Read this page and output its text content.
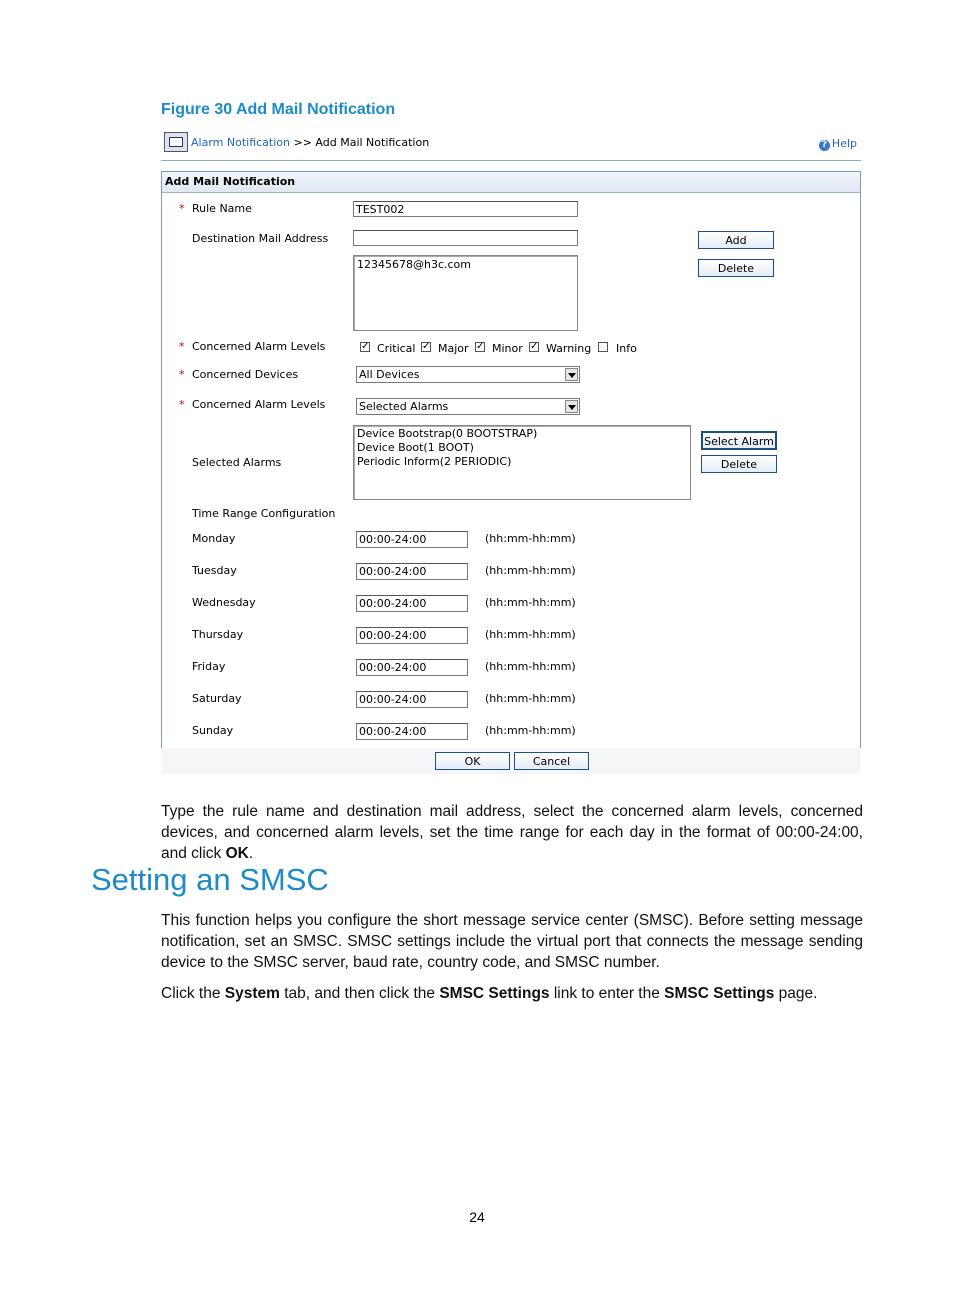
Figure 30 Add Mail Notification
Alarm Notification >> Add Mail Notification	? Help
Add Mail Notification
* Rule Name	TEST002
Destination Mail Address	Add
Delete
12345678@h3c.com
* Concerned Alarm Levels	✓ Critical ✓ Major ✓ Minor ✓ Warning Info
* Concerned Devices	All Devices
* Concerned Alarm Levels	Selected Alarms
Selected Alarms
Device Bootstrap(0 BOOTSTRAP)
Device Boot(1 BOOT)
Periodic Inform(2 PERIODIC)
Select Alarm
Delete
Time Range Configuration
Monday	00:00-24:00	(hh:mm-hh:mm)
Tuesday	00:00-24:00	(hh:mm-hh:mm)
Wednesday	00:00-24:00	(hh:mm-hh:mm)
Thursday	00:00-24:00	(hh:mm-hh:mm)
Friday	00:00-24:00	(hh:mm-hh:mm)
Saturday	00:00-24:00	(hh:mm-hh:mm)
Sunday	00:00-24:00	(hh:mm-hh:mm)
OK	Cancel
Type the rule name and destination mail address, select the concerned alarm levels, concerned devices, and concerned alarm levels, set the time range for each day in the format of 00:00-24:00, and click OK.
Setting an SMSC
This function helps you configure the short message service center (SMSC). Before setting message notification, set an SMSC. SMSC settings include the virtual port that connects the message sending device to the SMSC server, baud rate, country code, and SMSC number.
Click the System tab, and then click the SMSC Settings link to enter the SMSC Settings page.
24
